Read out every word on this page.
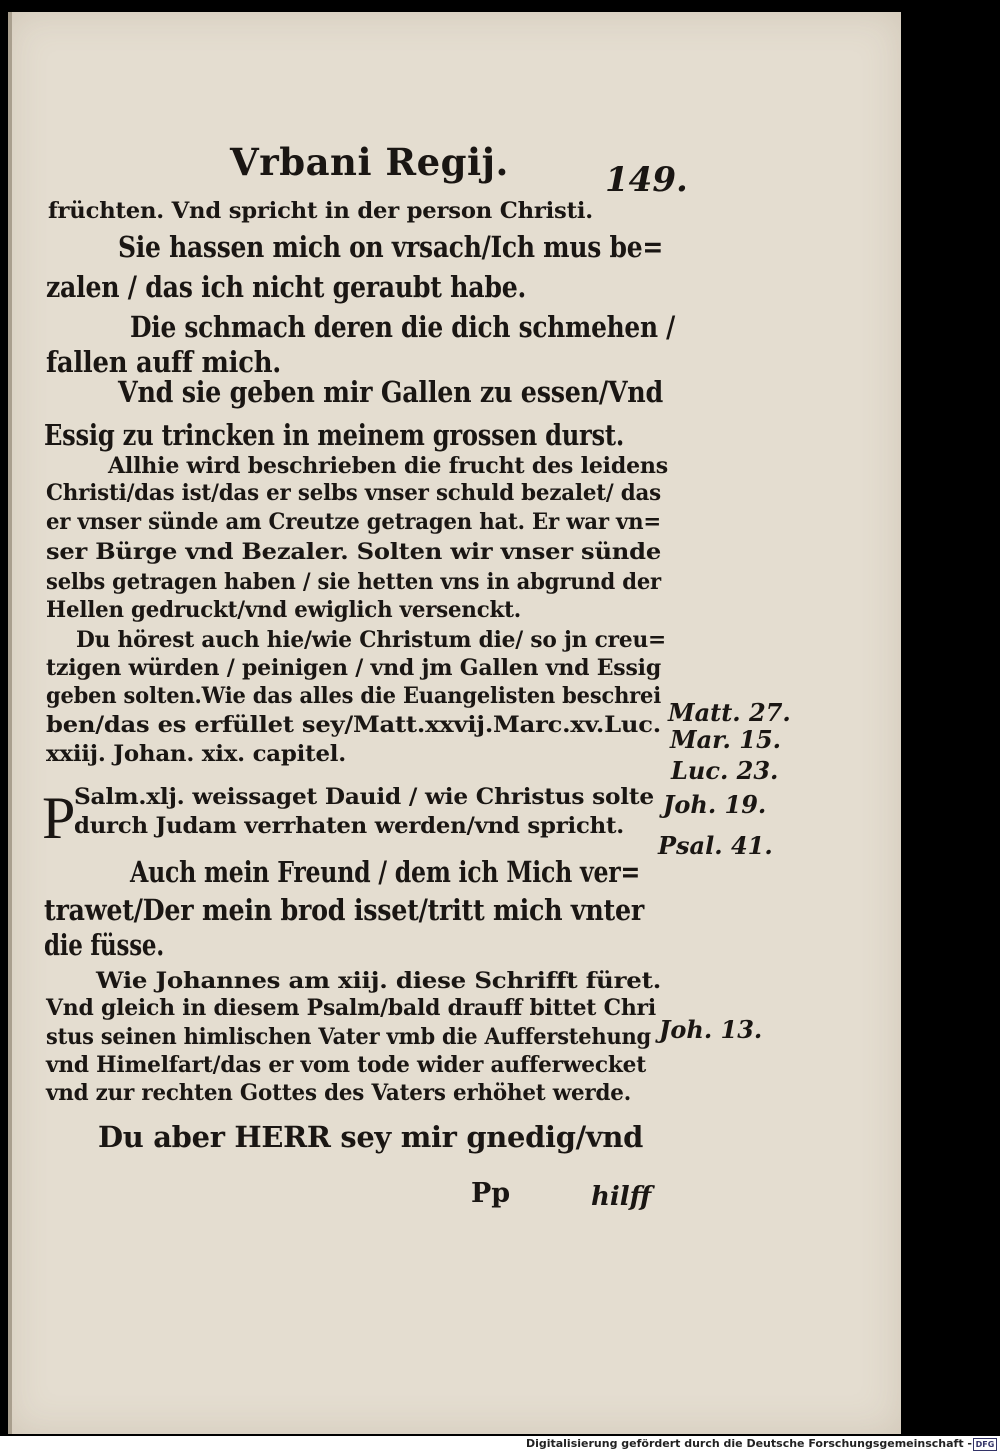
Vrbani Regij.	149.
früchten. Vnd spricht in der person Christi.
Sie hassen mich on vrsach/Ich mus be=
zalen / das ich nicht geraubt habe.
Die schmach deren die dich schmehen /
fallen auff mich.
Vnd sie geben mir Gallen zu essen/Vnd
Essig zu trincken in meinem grossen durst.
Allhie wird beschrieben die frucht des leidens
Christi/das ist/das er selbs vnser schuld bezalet/ das
er vnser sünde am Creutze getragen hat. Er war vn=
ser Bürge vnd Bezaler. Solten wir vnser sünde
selbs getragen haben / sie hetten vns in abgrund der
Hellen gedruckt/vnd ewiglich versenckt.
Du hörest auch hie/wie Christum die/ so jn creu=
tzigen würden / peinigen / vnd jm Gallen vnd Essig
geben solten.Wie das alles die Euangelisten beschrei
ben/das es erfüllet sey/Matt.xxvij.Marc.xv.Luc.
xxiij. Johan. xix. capitel.
Salm.xlj. weissaget Dauid / wie Christus solte
durch Judam verrhaten werden/vnd spricht.
Auch mein Freund / dem ich Mich ver=
trawet/Der mein brod isset/tritt mich vnter
die füsse.
Wie Johannes am xiij. diese Schrifft füret.
Vnd gleich in diesem Psalm/bald drauff bittet Chri
stus seinen himlischen Vater vmb die Aufferstehung
vnd Himelfart/das er vom tode wider aufferwecket
vnd zur rechten Gottes des Vaters erhöhet werde.
Du aber HERR sey mir gnedig/vnd
P
Matt. 27.
Mar. 15.
Luc. 23.
Joh. 19.
Psal. 41.
Joh. 13.
Pp	hilff
Digitalisierung gefördert durch die Deutsche Forschungsgemeinschaft - DFG
